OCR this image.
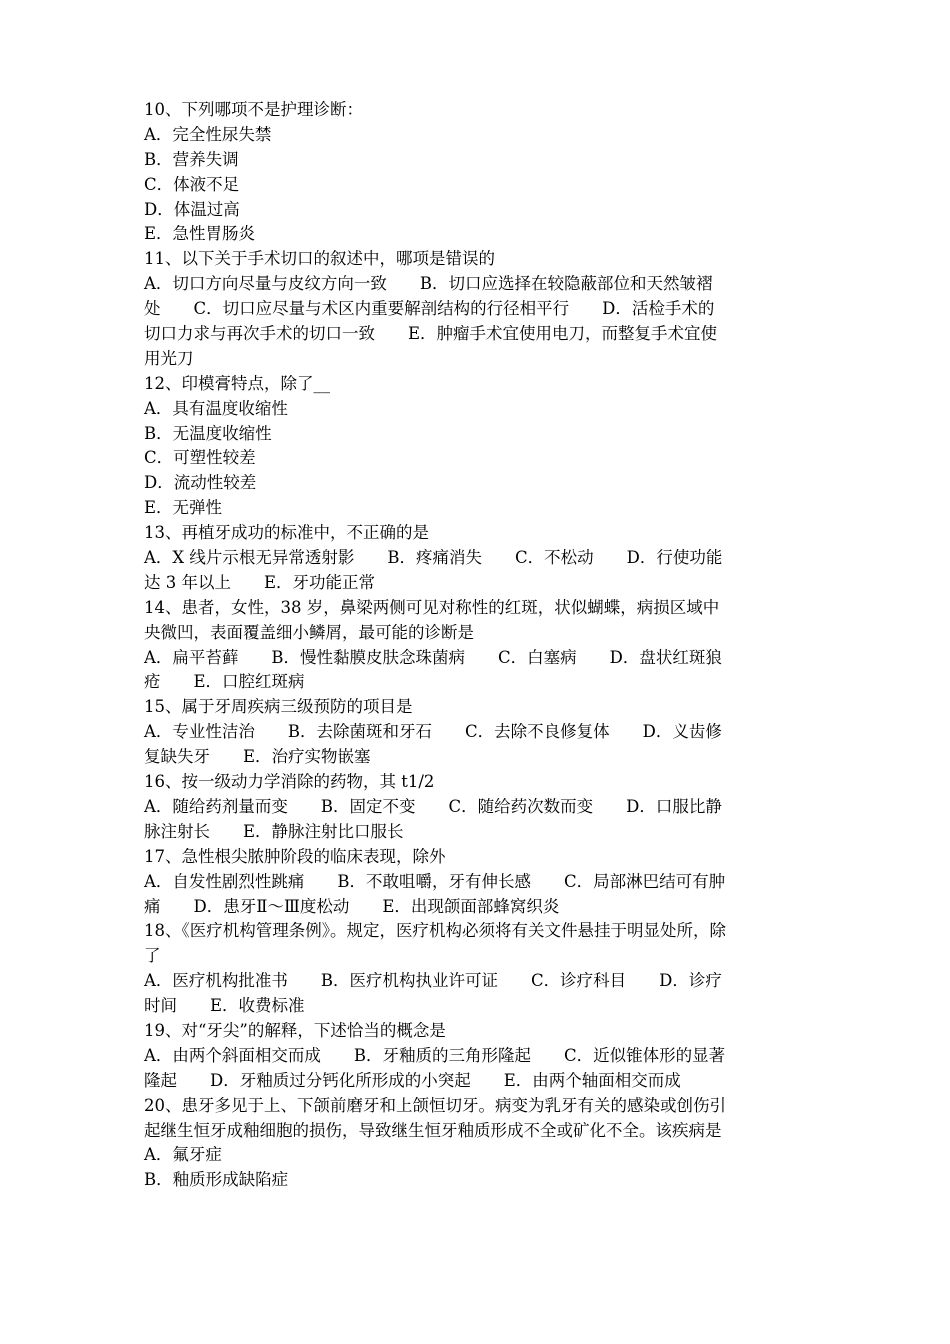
10、下列哪项不是护理诊断：
A．完全性尿失禁
B．营养失调
C．体液不足
D．体温过高
E．急性胃肠炎
11、以下关于手术切口的叙述中，哪项是错误的
A．切口方向尽量与皮纹方向一致　　B．切口应选择在较隐蔽部位和天然皱褶
处　　C．切口应尽量与术区内重要解剖结构的行径相平行　　D．活检手术的
切口力求与再次手术的切口一致　　E．肿瘤手术宜使用电刀，而整复手术宜使
用光刀
12、印模膏特点，除了__
A．具有温度收缩性
B．无温度收缩性
C．可塑性较差
D．流动性较差
E．无弹性
13、再植牙成功的标准中，不正确的是
A．X 线片示根无异常透射影　　B．疼痛消失　　C．不松动　　D．行使功能
达 3 年以上　　E．牙功能正常
14、患者，女性，38 岁，鼻梁两侧可见对称性的红斑，状似蝴蝶，病损区域中
央微凹，表面覆盖细小鳞屑，最可能的诊断是
A．扁平苔藓　　B．慢性黏膜皮肤念珠菌病　　C．白塞病　　D．盘状红斑狼
疮　　E．口腔红斑病
15、属于牙周疾病三级预防的项目是
A．专业性洁治　　B．去除菌斑和牙石　　C．去除不良修复体　　D．义齿修
复缺失牙　　E．治疗实物嵌塞
16、按一级动力学消除的药物，其 t1/2
A．随给药剂量而变　　B．固定不变　　C．随给药次数而变　　D．口服比静
脉注射长　　E．静脉注射比口服长
17、急性根尖脓肿阶段的临床表现，除外
A．自发性剧烈性跳痛　　B．不敢咀嚼，牙有伸长感　　C．局部淋巴结可有肿
痛　　D．患牙Ⅱ～Ⅲ度松动　　E．出现颌面部蜂窝织炎
18、《医疗机构管理条例》。规定，医疗机构必须将有关文件悬挂于明显处所，除
了
A．医疗机构批准书　　B．医疗机构执业许可证　　C．诊疗科目　　D．诊疗
时间　　E．收费标准
19、对“牙尖”的解释，下述恰当的概念是
A．由两个斜面相交而成　　B．牙釉质的三角形隆起　　C．近似锥体形的显著
隆起　　D．牙釉质过分钙化所形成的小突起　　E．由两个轴面相交而成
20、患牙多见于上、下颌前磨牙和上颌恒切牙。病变为乳牙有关的感染或创伤引
起继生恒牙成釉细胞的损伤，导致继生恒牙釉质形成不全或矿化不全。该疾病是
A．氟牙症
B．釉质形成缺陷症
